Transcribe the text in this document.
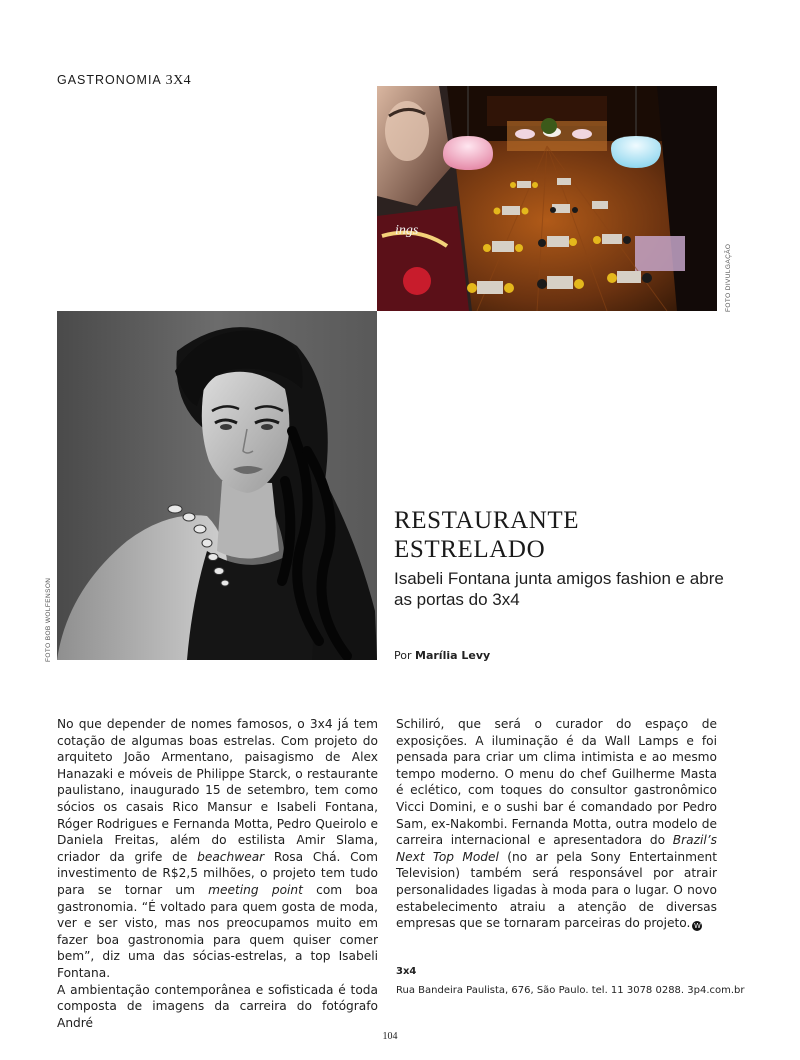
GASTRONOMIA 3X4
ings
FOTO DIVULGAÇÃO
FOTO BOB WOLFENSON
RESTAURANTE
ESTRELADO
Isabeli Fontana junta amigos fashion e abre as portas do 3x4
Por Marília Levy

No que depender de nomes famosos, o 3x4 já tem cotação de algumas boas estrelas. Com projeto do arquiteto João Armentano, paisagismo de Alex Hanazaki e móveis de Philippe Starck, o restaurante paulistano, inaugurado 15 de setembro, tem como sócios os casais Rico Mansur e Isabeli Fontana, Róger Rodrigues e Fernanda Motta, Pedro Queirolo e Daniela Freitas, além do estilista Amir Slama, criador da grife de beachwear Rosa Chá. Com investimento de R$2,5 milhões, o projeto tem tudo para se tornar um meeting point com boa gastronomia. “É voltado para quem gosta de moda, ver e ser visto, mas nos preocupamos muito em fazer boa gastronomia para quem quiser comer bem”, diz uma das sócias-estrelas, a top Isabeli Fontana.

A ambientação contemporânea e sofisticada é toda composta de imagens da carreira do fotógrafo André

Schiliró, que será o curador do espaço de exposições. A iluminação é da Wall Lamps e foi pensada para criar um clima intimista e ao mesmo tempo moderno. O menu do chef Guilherme Masta é eclético, com toques do consultor gastronômico Vicci Domini, e o sushi bar é comandado por Pedro Sam, ex-Nakombi. Fernanda Motta, outra modelo de carreira internacional e apresentadora do Brazil’s Next Top Model (no ar pela Sony Entertainment Television) também será responsável por atrair personalidades ligadas à moda para o lugar. O novo estabelecimento atraiu a atenção de diversas empresas que se tornaram parceiras do projeto. W

3x4
Rua Bandeira Paulista, 676, São Paulo. tel. 11 3078 0288. 3p4.com.br
104
